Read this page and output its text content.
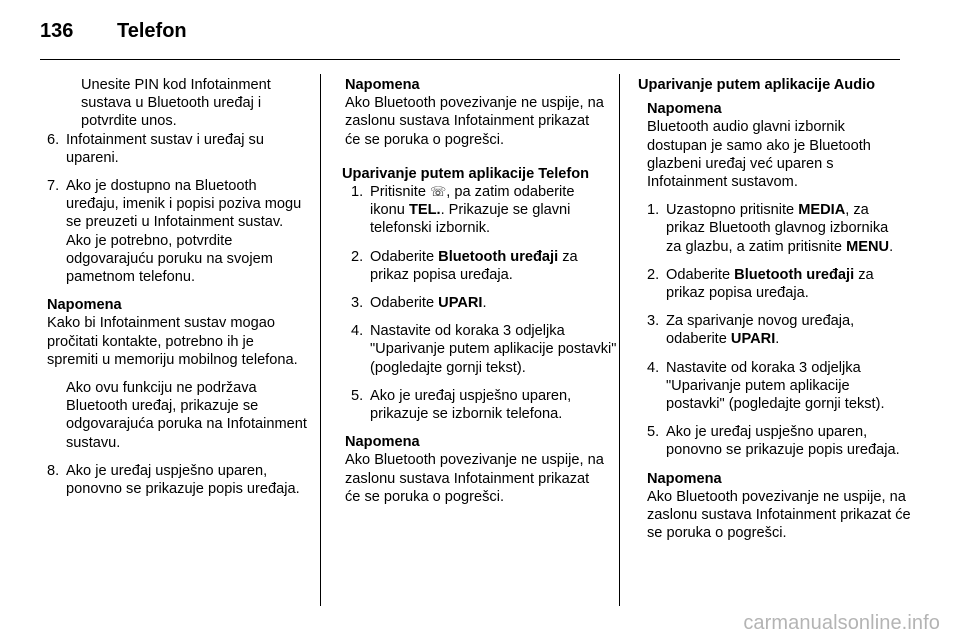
136 Telefon

Unesite PIN kod Infotainment sustava u Bluetooth uređaj i potvrdite unos.

6. Infotainment sustav i uređaj su upareni.
7. Ako je dostupno na Bluetooth uređaju, imenik i popisi poziva mogu se preuzeti u Infotainment sustav. Ako je potrebno, potvrdite odgovarajuću poruku na svojem pametnom telefonu.

Napomena

Kako bi Infotainment sustav mogao pročitati kontakte, potrebno ih je spremiti u memoriju mobilnog telefona.

Ako ovu funkciju ne podržava Bluetooth uređaj, prikazuje se odgovarajuća poruka na Infotainment sustavu.

8. Ako je uređaj uspješno uparen, ponovno se prikazuje popis uređaja.

Napomena

Ako Bluetooth povezivanje ne uspije, na zaslonu sustava Infotainment prikazat će se poruka o pogrešci.

Uparivanje putem aplikacije Telefon

1. Pritisnite ☏, pa zatim odaberite ikonu TEL.. Prikazuje se glavni telefonski izbornik.
2. Odaberite Bluetooth uređaji za prikaz popisa uređaja.
3. Odaberite UPARI.
4. Nastavite od koraka 3 odjeljka "Uparivanje putem aplikacije postavki" (pogledajte gornji tekst).
5. Ako je uređaj uspješno uparen, prikazuje se izbornik telefona.

Napomena

Ako Bluetooth povezivanje ne uspije, na zaslonu sustava Infotainment prikazat će se poruka o pogrešci.

Uparivanje putem aplikacije Audio

Napomena

Bluetooth audio glavni izbornik dostupan je samo ako je Bluetooth glazbeni uređaj već uparen s Infotainment sustavom.

1. Uzastopno pritisnite MEDIA, za prikaz Bluetooth glavnog izbornika za glazbu, a zatim pritisnite MENU.
2. Odaberite Bluetooth uređaji za prikaz popisa uređaja.
3. Za sparivanje novog uređaja, odaberite UPARI.
4. Nastavite od koraka 3 odjeljka "Uparivanje putem aplikacije postavki" (pogledajte gornji tekst).
5. Ako je uređaj uspješno uparen, ponovno se prikazuje popis uređaja.

Napomena

Ako Bluetooth povezivanje ne uspije, na zaslonu sustava Infotainment prikazat će se poruka o pogrešci.

carmanualsonline.info
